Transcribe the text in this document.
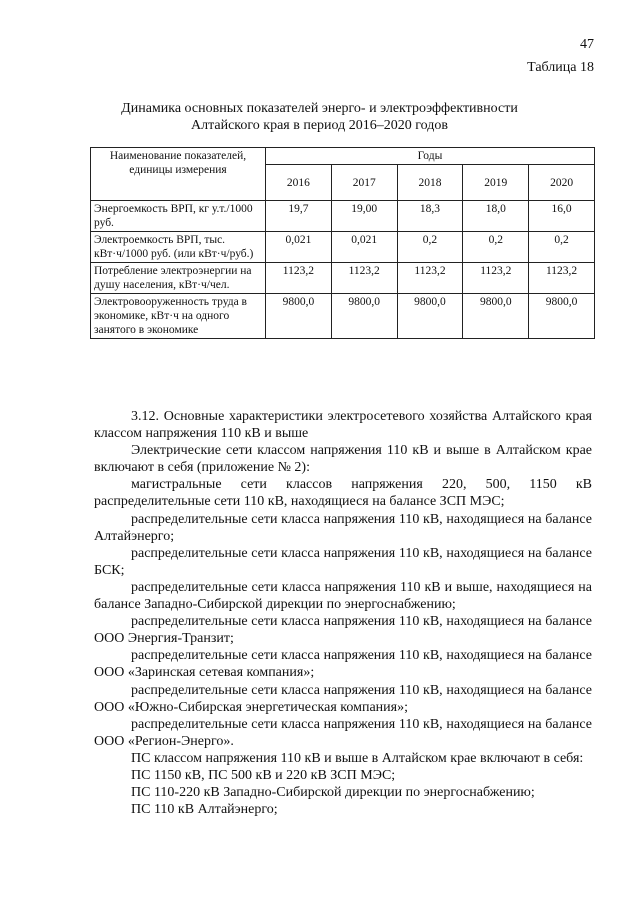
47
Таблица 18
Динамика основных показателей энерго- и электроэффективности
Алтайского края в период 2016–2020 годов
Наименование показателей, единицы измерения	Годы				
	2016	2017	2018	2019	2020
Энергоемкость ВРП, кг у.т./1000 руб.	19,7	19,00	18,3	18,0	16,0
Электроемкость ВРП, тыс. кВт·ч/1000 руб. (или кВт·ч/руб.)	0,021	0,021	0,2	0,2	0,2
Потребление электроэнергии на душу населения, кВт·ч/чел.	1123,2	1123,2	1123,2	1123,2	1123,2
Электровооруженность труда в экономике, кВт·ч на одного занятого в экономике	9800,0	9800,0	9800,0	9800,0	9800,0

3.12. Основные характеристики электросетевого хозяйства Алтайского края классом напряжения 110 кВ и выше

Электрические сети классом напряжения 110 кВ и выше в Алтайском крае включают в себя (приложение № 2):

магистральные сети классов напряжения 220, 500, 1150 кВ распределительные сети 110 кВ, находящиеся на балансе ЗСП МЭС;

распределительные сети класса напряжения 110 кВ, находящиеся на балансе Алтайэнерго;

распределительные сети класса напряжения 110 кВ, находящиеся на балансе БСК;

распределительные сети класса напряжения 110 кВ и выше, находящиеся на балансе Западно-Сибирской дирекции по энергоснабжению;

распределительные сети класса напряжения 110 кВ, находящиеся на балансе ООО Энергия-Транзит;

распределительные сети класса напряжения 110 кВ, находящиеся на балансе ООО «Заринская сетевая компания»;

распределительные сети класса напряжения 110 кВ, находящиеся на балансе ООО «Южно-Сибирская энергетическая компания»;

распределительные сети класса напряжения 110 кВ, находящиеся на балансе ООО «Регион-Энерго».

ПС классом напряжения 110 кВ и выше в Алтайском крае включают в себя:

ПС 1150 кВ, ПС 500 кВ и 220 кВ ЗСП МЭС;

ПС 110-220 кВ Западно-Сибирской дирекции по энергоснабжению;

ПС 110 кВ Алтайэнерго;
